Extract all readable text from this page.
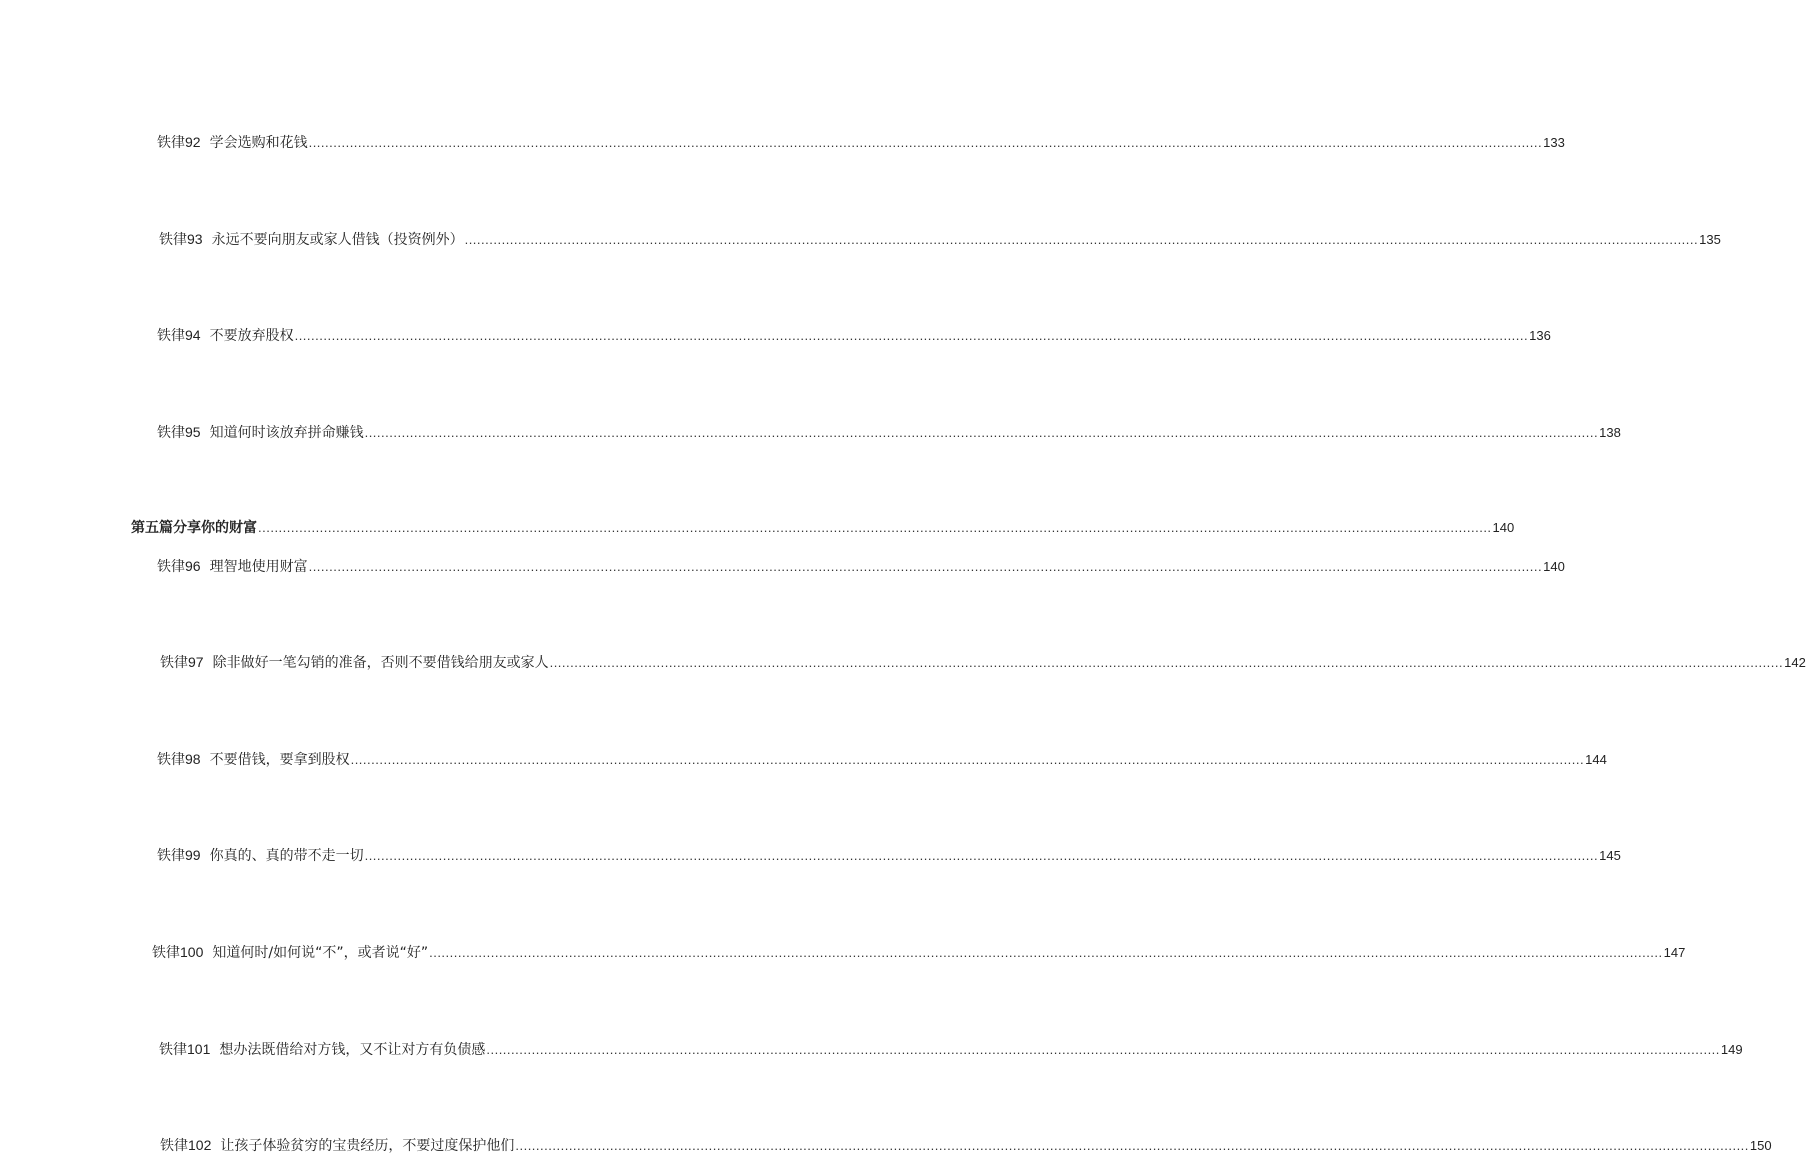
铁律92 学会选购和花钱 ............................................................................................................................................................................................................................................................................................................ 133
铁律93 永远不要向朋友或家人借钱（投资例外） ............................................................................................................................................................................................................................................................................................................ 135
铁律94 不要放弃股权 ............................................................................................................................................................................................................................................................................................................ 136
铁律95 知道何时该放弃拼命赚钱 ............................................................................................................................................................................................................................................................................................................ 138
第五篇分享你的财富 ............................................................................................................................................................................................................................................................................................................ 140
铁律96 理智地使用财富 ............................................................................................................................................................................................................................................................................................................ 140
铁律97 除非做好一笔勾销的准备，否则不要借钱给朋友或家人 ............................................................................................................................................................................................................................................................................................................ 142
铁律98 不要借钱，要拿到股权 ............................................................................................................................................................................................................................................................................................................ 144
铁律99 你真的、真的带不走一切 ............................................................................................................................................................................................................................................................................................................ 145
铁律100 知道何时/如何说“不”，或者说“好” ............................................................................................................................................................................................................................................................................................................ 147
铁律101 想办法既借给对方钱，又不让对方有负债感 ............................................................................................................................................................................................................................................................................................................ 149
铁律102 让孩子体验贫穷的宝贵经历，不要过度保护他们 ............................................................................................................................................................................................................................................................................................................ 150
